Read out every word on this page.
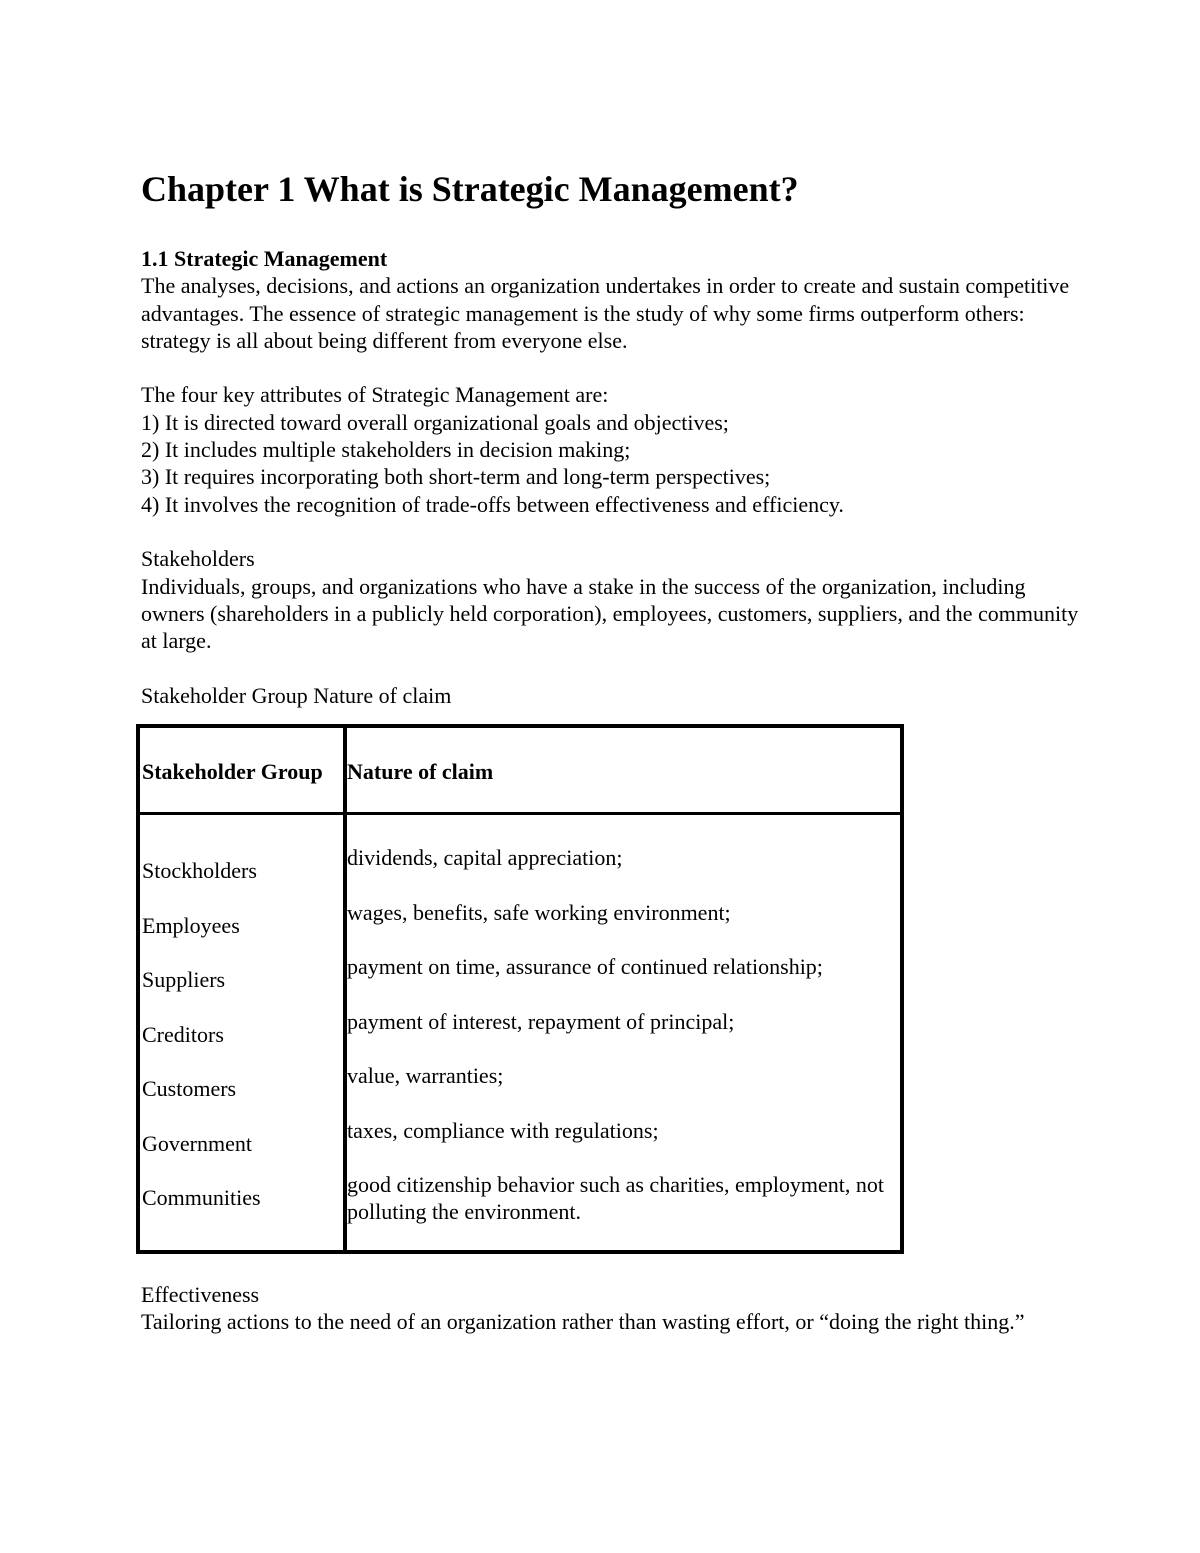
Chapter 1 What is Strategic Management?

1.1 Strategic Management

The analyses, decisions, and actions an organization undertakes in order to create and sustain competitive advantages. The essence of strategic management is the study of why some firms outperform others: strategy is all about being different from everyone else.

The four key attributes of Strategic Management are:

1) It is directed toward overall organizational goals and objectives;

2) It includes multiple stakeholders in decision making;

3) It requires incorporating both short-term and long-term perspectives;

4) It involves the recognition of trade-offs between effectiveness and efficiency.

Stakeholders

Individuals, groups, and organizations who have a stake in the success of the organization, including owners (shareholders in a publicly held corporation), employees, customers, suppliers, and the community at large.

Stakeholder Group Nature of claim

Stakeholder Group Nature of claim
Stockholders
dividends, capital appreciation;
Employees
wages, benefits, safe working environment;
Suppliers
payment on time, assurance of continued relationship;
Creditors
payment of interest, repayment of principal;
Customers
value, warranties;
Government
taxes, compliance with regulations;
Communities
good citizenship behavior such as charities, employment, not polluting the environment.

Effectiveness

Tailoring actions to the need of an organization rather than wasting effort, or “doing the right thing.”
